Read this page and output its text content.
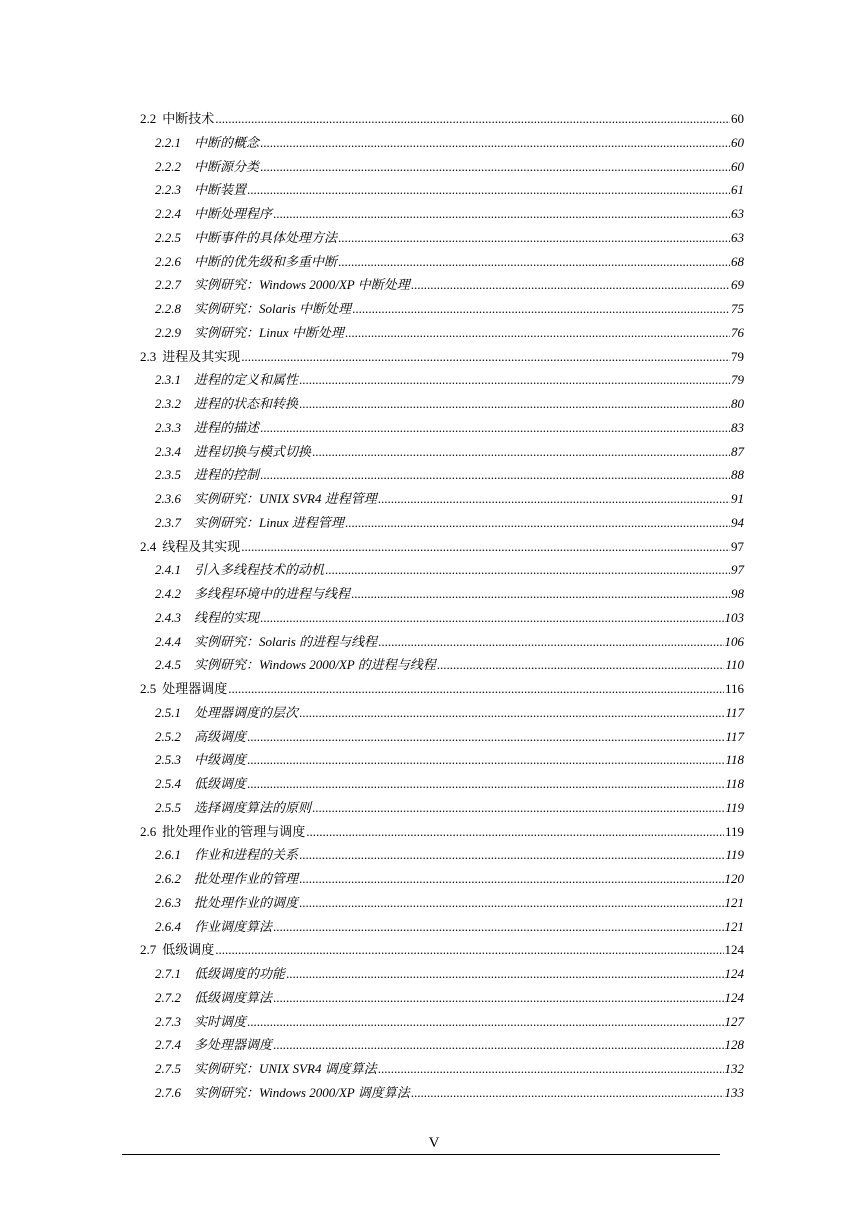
2.2 中断技术 .....	60
2.2.1	中断的概念 .....	60
2.2.2	中断源分类 .....	60
2.2.3	中断装置 .....	61
2.2.4	中断处理程序 .....	63
2.2.5	中断事件的具体处理方法 .....	63
2.2.6	中断的优先级和多重中断 .....	68
2.2.7	实例研究：Windows 2000/XP 中断处理 .....	69
2.2.8	实例研究：Solaris 中断处理 .....	75
2.2.9	实例研究：Linux 中断处理 .....	76
2.3 进程及其实现 .....	79
2.3.1	进程的定义和属性 .....	79
2.3.2	进程的状态和转换 .....	80
2.3.3	进程的描述 .....	83
2.3.4	进程切换与模式切换 .....	87
2.3.5	进程的控制 .....	88
2.3.6	实例研究：UNIX SVR4 进程管理 .....	91
2.3.7	实例研究：Linux 进程管理 .....	94
2.4 线程及其实现 .....	97
2.4.1	引入多线程技术的动机 .....	97
2.4.2	多线程环境中的进程与线程 .....	98
2.4.3	线程的实现 .....	103
2.4.4	实例研究：Solaris 的进程与线程 .....	106
2.4.5	实例研究：Windows 2000/XP 的进程与线程 .....	110
2.5 处理器调度 .....	116
2.5.1	处理器调度的层次 .....	117
2.5.2	高级调度 .....	117
2.5.3	中级调度 .....	118
2.5.4	低级调度 .....	118
2.5.5	选择调度算法的原则 .....	119
2.6 批处理作业的管理与调度 .....	119
2.6.1	作业和进程的关系 .....	119
2.6.2	批处理作业的管理 .....	120
2.6.3	批处理作业的调度 .....	121
2.6.4	作业调度算法 .....	121
2.7 低级调度 .....	124
2.7.1	低级调度的功能 .....	124
2.7.2	低级调度算法 .....	124
2.7.3	实时调度 .....	127
2.7.4	多处理器调度 .....	128
2.7.5	实例研究：UNIX SVR4 调度算法 .....	132
2.7.6	实例研究：Windows 2000/XP 调度算法 .....	133
V
